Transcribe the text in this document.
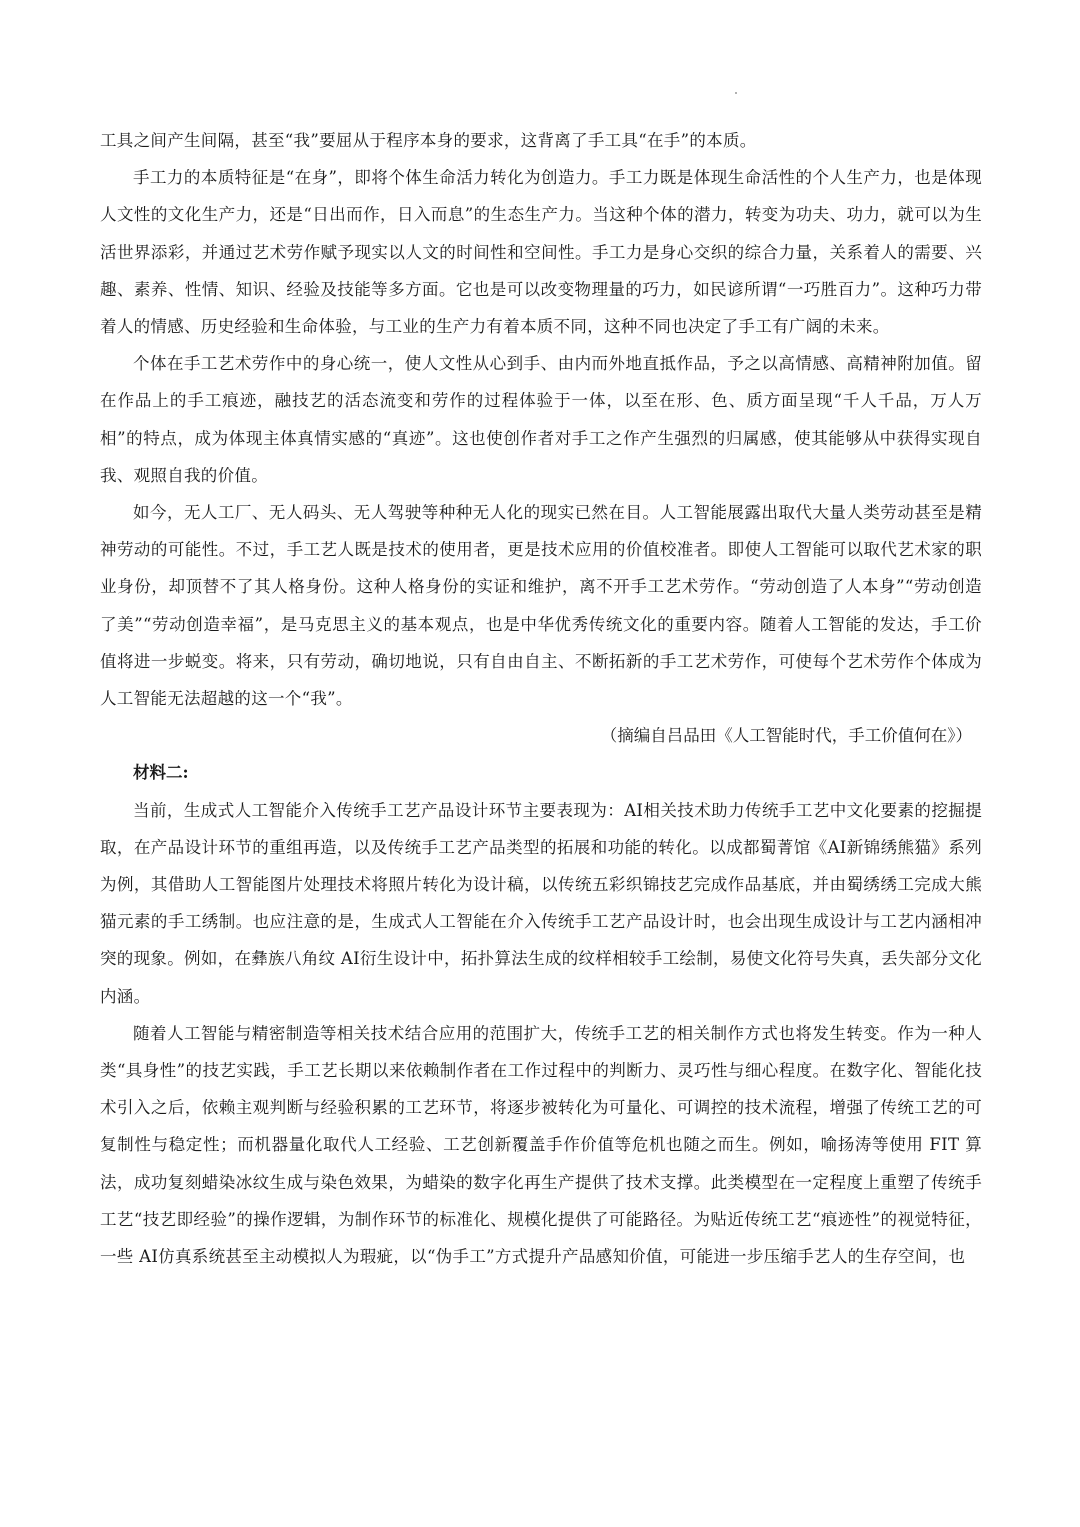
工具之间产生间隔，甚至“我”要屈从于程序本身的要求，这背离了手工具“在手”的本质。

手工力的本质特征是“在身”，即将个体生命活力转化为创造力。手工力既是体现生命活性的个人生产力，也是体现人文性的文化生产力，还是“日出而作，日入而息”的生态生产力。当这种个体的潜力，转变为功夫、功力，就可以为生活世界添彩，并通过艺术劳作赋予现实以人文的时间性和空间性。手工力是身心交织的综合力量，关系着人的需要、兴趣、素养、性情、知识、经验及技能等多方面。它也是可以改变物理量的巧力，如民谚所谓“一巧胜百力”。这种巧力带着人的情感、历史经验和生命体验，与工业的生产力有着本质不同，这种不同也决定了手工有广阔的未来。

个体在手工艺术劳作中的身心统一，使人文性从心到手、由内而外地直抵作品，予之以高情感、高精神附加值。留在作品上的手工痕迹，融技艺的活态流变和劳作的过程体验于一体，以至在形、色、质方面呈现“千人千品，万人万相”的特点，成为体现主体真情实感的“真迹”。这也使创作者对手工之作产生强烈的归属感，使其能够从中获得实现自我、观照自我的价值。

如今，无人工厂、无人码头、无人驾驶等种种无人化的现实已然在目。人工智能展露出取代大量人类劳动甚至是精神劳动的可能性。不过，手工艺人既是技术的使用者，更是技术应用的价值校准者。即使人工智能可以取代艺术家的职业身份，却顶替不了其人格身份。这种人格身份的实证和维护，离不开手工艺术劳作。“劳动创造了人本身”“劳动创造了美”“劳动创造幸福”，是马克思主义的基本观点，也是中华优秀传统文化的重要内容。随着人工智能的发达，手工价值将进一步蜕变。将来，只有劳动，确切地说，只有自由自主、不断拓新的手工艺术劳作，可使每个艺术劳作个体成为人工智能无法超越的这一个“我”。

（摘编自吕品田《人工智能时代，手工价值何在》）

材料二:

当前，生成式人工智能介入传统手工艺产品设计环节主要表现为：AI相关技术助力传统手工艺中文化要素的挖掘提取，在产品设计环节的重组再造，以及传统手工艺产品类型的拓展和功能的转化。以成都蜀菁馆《AI新锦绣熊猫》系列为例，其借助人工智能图片处理技术将照片转化为设计稿，以传统五彩织锦技艺完成作品基底，并由蜀绣绣工完成大熊猫元素的手工绣制。也应注意的是，生成式人工智能在介入传统手工艺产品设计时，也会出现生成设计与工艺内涵相冲突的现象。例如，在彝族八角纹 AI衍生设计中，拓扑算法生成的纹样相较手工绘制，易使文化符号失真，丢失部分文化内涵。

随着人工智能与精密制造等相关技术结合应用的范围扩大，传统手工艺的相关制作方式也将发生转变。作为一种人类“具身性”的技艺实践，手工艺长期以来依赖制作者在工作过程中的判断力、灵巧性与细心程度。在数字化、智能化技术引入之后，依赖主观判断与经验积累的工艺环节，将逐步被转化为可量化、可调控的技术流程，增强了传统工艺的可复制性与稳定性；而机器量化取代人工经验、工艺创新覆盖手作价值等危机也随之而生。例如，喻扬涛等使用 FIT 算法，成功复刻蜡染冰纹生成与染色效果，为蜡染的数字化再生产提供了技术支撑。此类模型在一定程度上重塑了传统手工艺“技艺即经验”的操作逻辑，为制作环节的标准化、规模化提供了可能路径。为贴近传统工艺“痕迹性”的视觉特征，一些 AI仿真系统甚至主动模拟人为瑕疵，以“伪手工”方式提升产品感知价值，可能进一步压缩手艺人的生存空间，也
